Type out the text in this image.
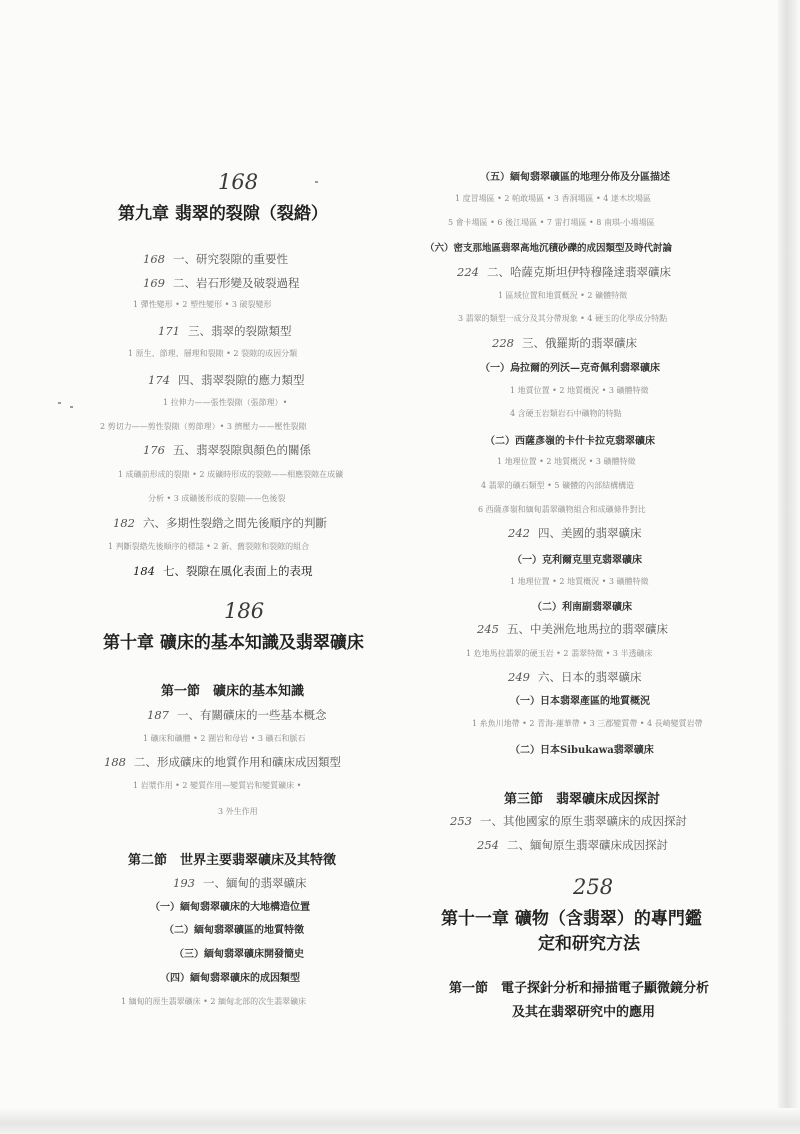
168
第九章 翡翠的裂隙（裂綹）
168 一、研究裂隙的重要性
169 二、岩石形變及破裂過程
1 彈性變形 • 2 塑性變形 • 3 破裂變形
171 三、翡翠的裂隙類型
1 原生、節理、層理和裂隙 • 2 裂隙的成因分類
174 四、翡翠裂隙的應力類型
1 拉伸力——張性裂隙（張節理）•
2 剪切力——剪性裂隙（剪節理）• 3 擠壓力——壓性裂隙
176 五、翡翠裂隙與顏色的關係
1 成礦前形成的裂隙 • 2 成礦時形成的裂隙——相應裂隙在成礦
分析 • 3 成礦後形成的裂隙——色後裂
182 六、多期性裂綹之間先後順序的判斷
1 判斷裂綹先後順序的標誌 • 2 新、舊裂隙和裂隙的組合
184 七、裂隙在風化表面上的表現
186
第十章 礦床的基本知識及翡翠礦床
第一節　礦床的基本知識
187 一、有關礦床的一些基本概念
1 礦床和礦體 • 2 圍岩和母岩 • 3 礦石和脈石
188 二、形成礦床的地質作用和礦床成因類型
1 岩漿作用 • 2 變質作用—變質岩和變質礦床 •
3 外生作用
第二節　世界主要翡翠礦床及其特徵
193 一、緬甸的翡翠礦床
（一）緬甸翡翠礦床的大地構造位置
（二）緬甸翡翠礦區的地質特徵
（三）緬甸翡翠礦床開發簡史
（四）緬甸翡翠礦床的成因類型
1 緬甸的原生翡翠礦床 • 2 緬甸北部的次生翡翠礦床
（五）緬甸翡翠礦區的地理分佈及分區描述
1 度冒場區 • 2 帕敢場區 • 3 香洞場區 • 4 達木坎場區
5 會卡場區 • 6 後江場區 • 7 雷打場區 • 8 南琪-小場場區
（六）密支那地區翡翠高地沉積砂礫的成因類型及時代討論
224 二、哈薩克斯坦伊特穆隆達翡翠礦床
1 區域位置和地質概況 • 2 礦體特徵
3 翡翠的類型一成分及其分帶現象 • 4 硬玉的化學成分特點
228 三、俄羅斯的翡翠礦床
（一）烏拉爾的列沃—克奇佩利翡翠礦床
1 地質位置 • 2 地質概況 • 3 礦體特徵
4 含硬玉岩類岩石中礦物的特點
（二）西薩彥嶺的卡什卡拉克翡翠礦床
1 地理位置 • 2 地質概況 • 3 礦體特徵
4 翡翠的礦石類型 • 5 礦體的內部結構構造
6 西薩彥嶺和緬甸翡翠礦物組合和成礦條件對比
242 四、美國的翡翠礦床
（一）克利爾克里克翡翠礦床
1 地理位置 • 2 地質概況 • 3 礦體特徵
（二）利南副翡翠礦床
245 五、中美洲危地馬拉的翡翠礦床
1 危地馬拉翡翠的硬玉岩 • 2 翡翠特徵 • 3 半透礦床
249 六、日本的翡翠礦床
（一）日本翡翠產區的地質概況
1 糸魚川地帶 • 2 青海-蓮華帶 • 3 三郡變質帶 • 4 長崎變質岩帶
（二）日本Sibukawa翡翠礦床
第三節　翡翠礦床成因探討
253 一、其他國家的原生翡翠礦床的成因探討
254 二、緬甸原生翡翠礦床成因探討
258
第十一章 礦物（含翡翠）的專門鑑
定和研究方法
第一節　電子探針分析和掃描電子顯微鏡分析
及其在翡翠研究中的應用
